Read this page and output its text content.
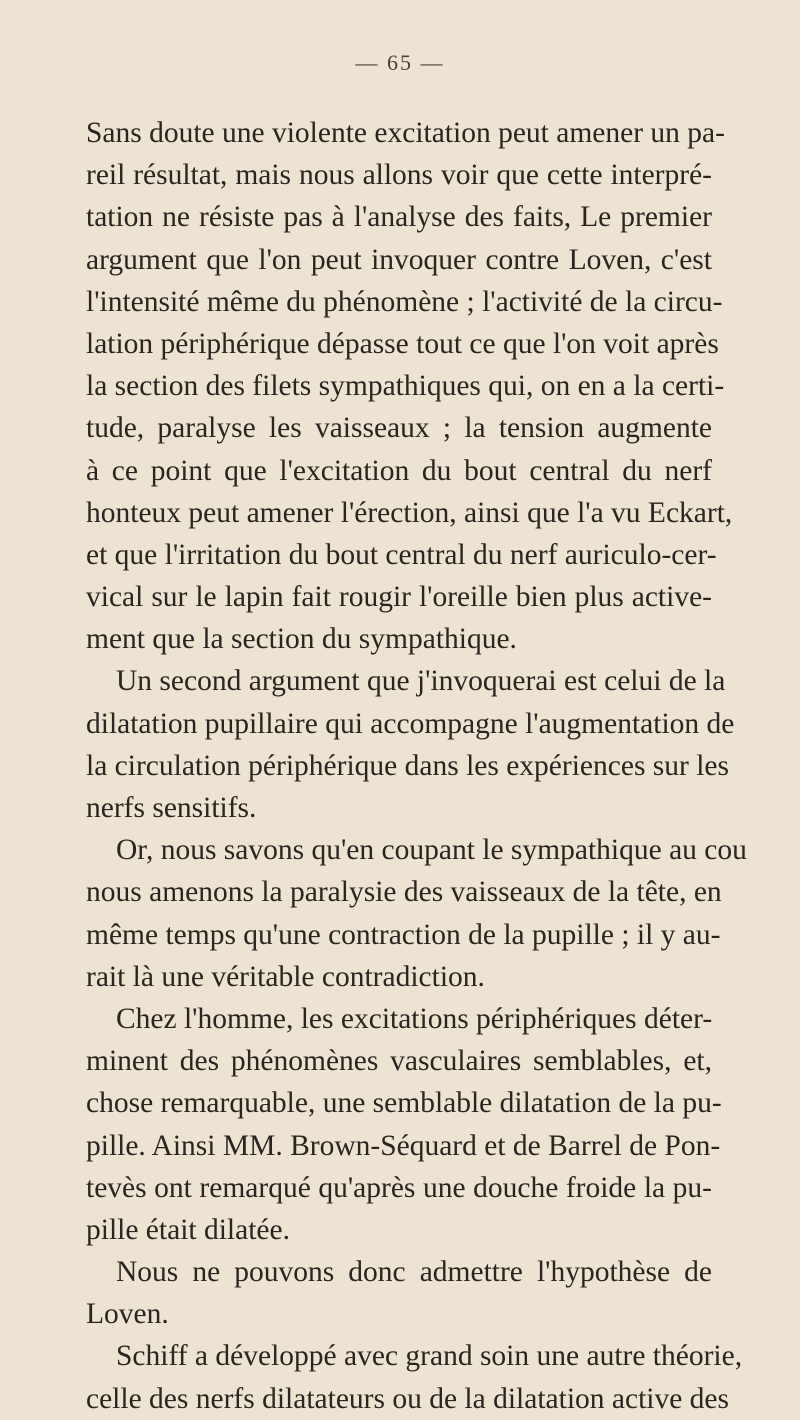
— 65 —
Sans doute une violente excitation peut amener un pa-
reil résultat, mais nous allons voir que cette interpré-
tation ne résiste pas à l'analyse des faits, Le premier
argument que l'on peut invoquer contre Loven, c'est
l'intensité même du phénomène ; l'activité de la circu-
lation périphérique dépasse tout ce que l'on voit après
la section des filets sympathiques qui, on en a la certi-
tude, paralyse les vaisseaux ; la tension augmente
à ce point que l'excitation du bout central du nerf
honteux peut amener l'érection, ainsi que l'a vu Eckart,
et que l'irritation du bout central du nerf auriculo-cer-
vical sur le lapin fait rougir l'oreille bien plus active-
ment que la section du sympathique.
Un second argument que j'invoquerai est celui de la
dilatation pupillaire qui accompagne l'augmentation de
la circulation périphérique dans les expériences sur les
nerfs sensitifs.
Or, nous savons qu'en coupant le sympathique au cou
nous amenons la paralysie des vaisseaux de la tête, en
même temps qu'une contraction de la pupille ; il y au-
rait là une véritable contradiction.
Chez l'homme, les excitations périphériques déter-
minent des phénomènes vasculaires semblables, et,
chose remarquable, une semblable dilatation de la pu-
pille. Ainsi MM. Brown-Séquard et de Barrel de Pon-
tevès ont remarqué qu'après une douche froide la pu-
pille était dilatée.
Nous ne pouvons donc admettre l'hypothèse de
Loven.
Schiff a développé avec grand soin une autre théorie,
celle des nerfs dilatateurs ou de la dilatation active des
